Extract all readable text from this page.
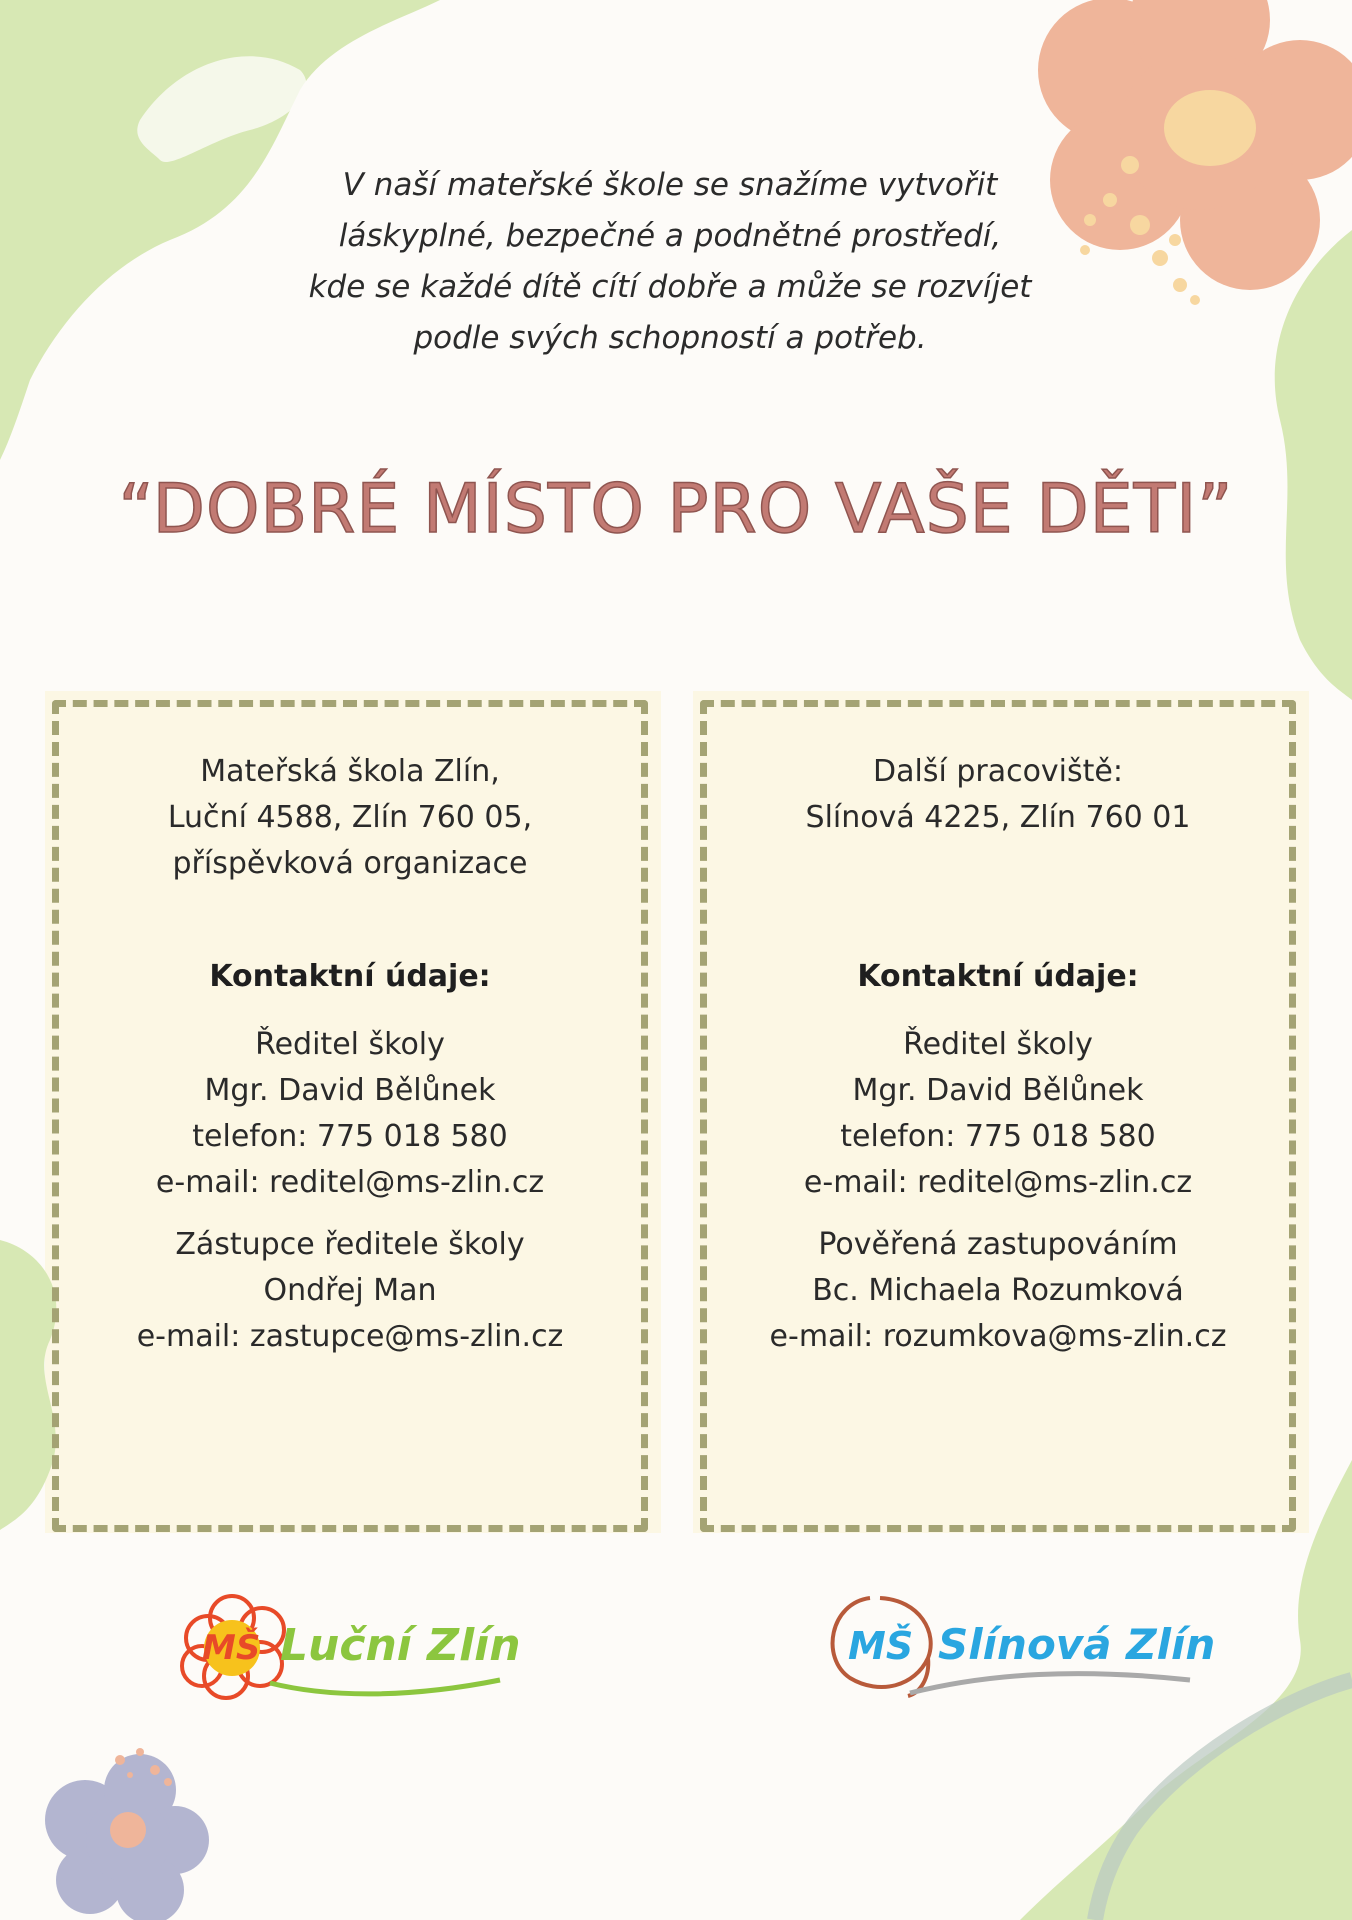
V naší mateřské škole se snažíme vytvořit
láskyplné, bezpečné a podnětné prostředí,
kde se každé dítě cítí dobře a může se rozvíjet
podle svých schopností a potřeb.
“DOBRÉ MÍSTO PRO VAŠE DĚTI”
Mateřská škola Zlín,
Luční 4588, Zlín 760 05,
příspěvková organizace
Kontaktní údaje:
Ředitel školy
Mgr. David Bělůnek
telefon: 775 018 580
e-mail: reditel@ms-zlin.cz
Zástupce ředitele školy
Ondřej Man
e-mail: zastupce@ms-zlin.cz
Další pracoviště:
Slínová 4225, Zlín 760 01
Kontaktní údaje:
Ředitel školy
Mgr. David Bělůnek
telefon: 775 018 580
e-mail: reditel@ms-zlin.cz
Pověřená zastupováním
Bc. Michaela Rozumková
e-mail: rozumkova@ms-zlin.cz
MŠ Luční Zlín	MŠ Slínová Zlín
